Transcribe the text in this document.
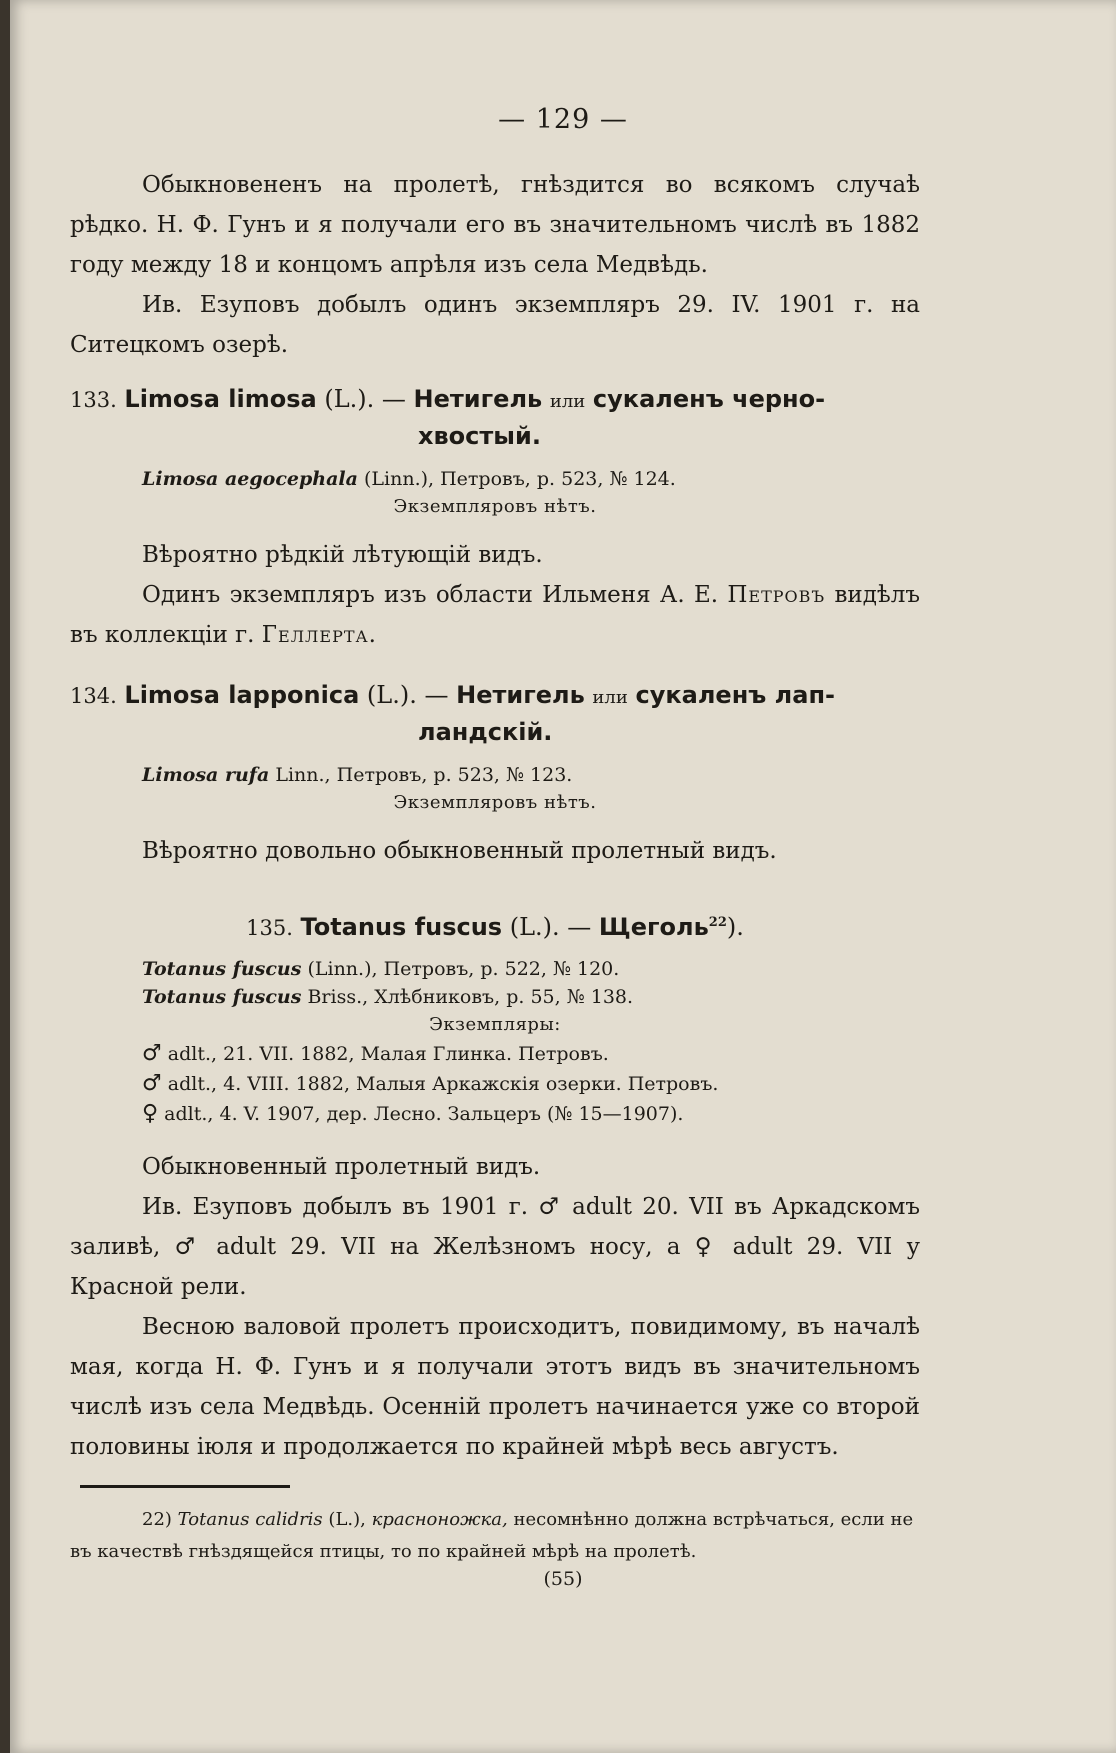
— 129 —

Обыкновененъ на пролетѣ, гнѣздится во всякомъ случаѣ рѣдко. Н. Ф. Гунъ и я получали его въ значительномъ числѣ въ 1882 году между 18 и концомъ апрѣля изъ села Медвѣдь.

Ив. Езуповъ добылъ одинъ экземпляръ 29. IV. 1901 г. на Ситецкомъ озерѣ.

133. Limosa limosa (L.). — Нетигель или сукаленъ черно-
хвостый.

Limosa aegocephala (Linn.), Петровъ, p. 523, № 124.

Экземпляровъ нѣтъ.

Вѣроятно рѣдкій лѣтующій видъ.

Одинъ экземпляръ изъ области Ильменя А. Е. Петровъ видѣлъ въ коллекціи г. Геллерта.

134. Limosa lapponica (L.). — Нетигель или сукаленъ лап-
ландскій.

Limosa rufa Linn., Петровъ, p. 523, № 123.

Экземпляровъ нѣтъ.

Вѣроятно довольно обыкновенный пролетный видъ.

135. Totanus fuscus (L.). — Щеголь$^{22}$).

Totanus fuscus (Linn.), Петровъ, p. 522, № 120.

Totanus fuscus Briss., Хлѣбниковъ, p. 55, № 138.

Экземпляры:

♂ adlt., 21. VII. 1882, Малая Глинка. Петровъ.

♂ adlt., 4. VIII. 1882, Малыя Аркажскія озерки. Петровъ.

♀ adlt., 4. V. 1907, дер. Лесно. Зальцеръ (№ 15—1907).

Обыкновенный пролетный видъ.

Ив. Езуповъ добылъ въ 1901 г. ♂ adult 20. VII въ Аркадскомъ заливѣ, ♂ adult 29. VII на Желѣзномъ носу, а ♀ adult 29. VII у Красной рели.

Весною валовой пролетъ происходитъ, повидимому, въ началѣ мая, когда Н. Ф. Гунъ и я получали этотъ видъ въ значительномъ числѣ изъ села Медвѣдь. Осенній пролетъ начинается уже со второй половины іюля и продолжается по крайней мѣрѣ весь августъ.

22) Totanus calidris (L.), красноножка, несомнѣнно должна встрѣчаться, если не въ качествѣ гнѣздящейся птицы, то по крайней мѣрѣ на пролетѣ.
(55)
